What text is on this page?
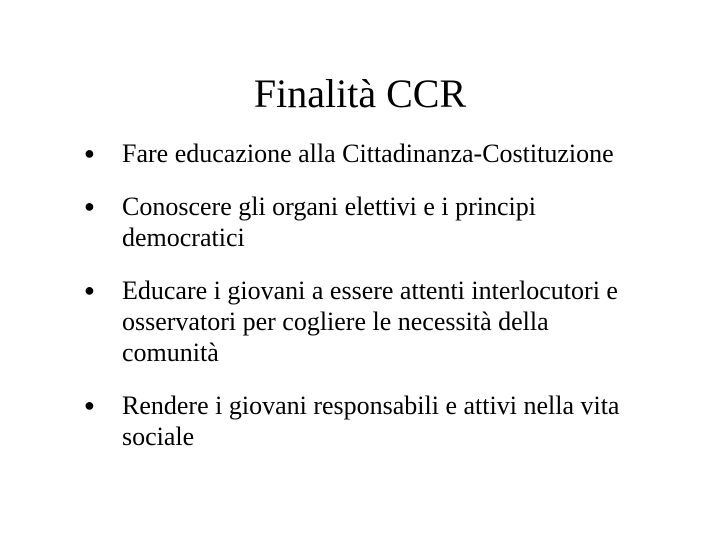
Finalità CCR
● Fare educazione alla Cittadinanza-Costituzione
● Conoscere gli organi elettivi e i principi democratici
● Educare i giovani a essere attenti interlocutori e osservatori per cogliere le necessità della comunità
● Rendere i giovani responsabili e attivi nella vita sociale
